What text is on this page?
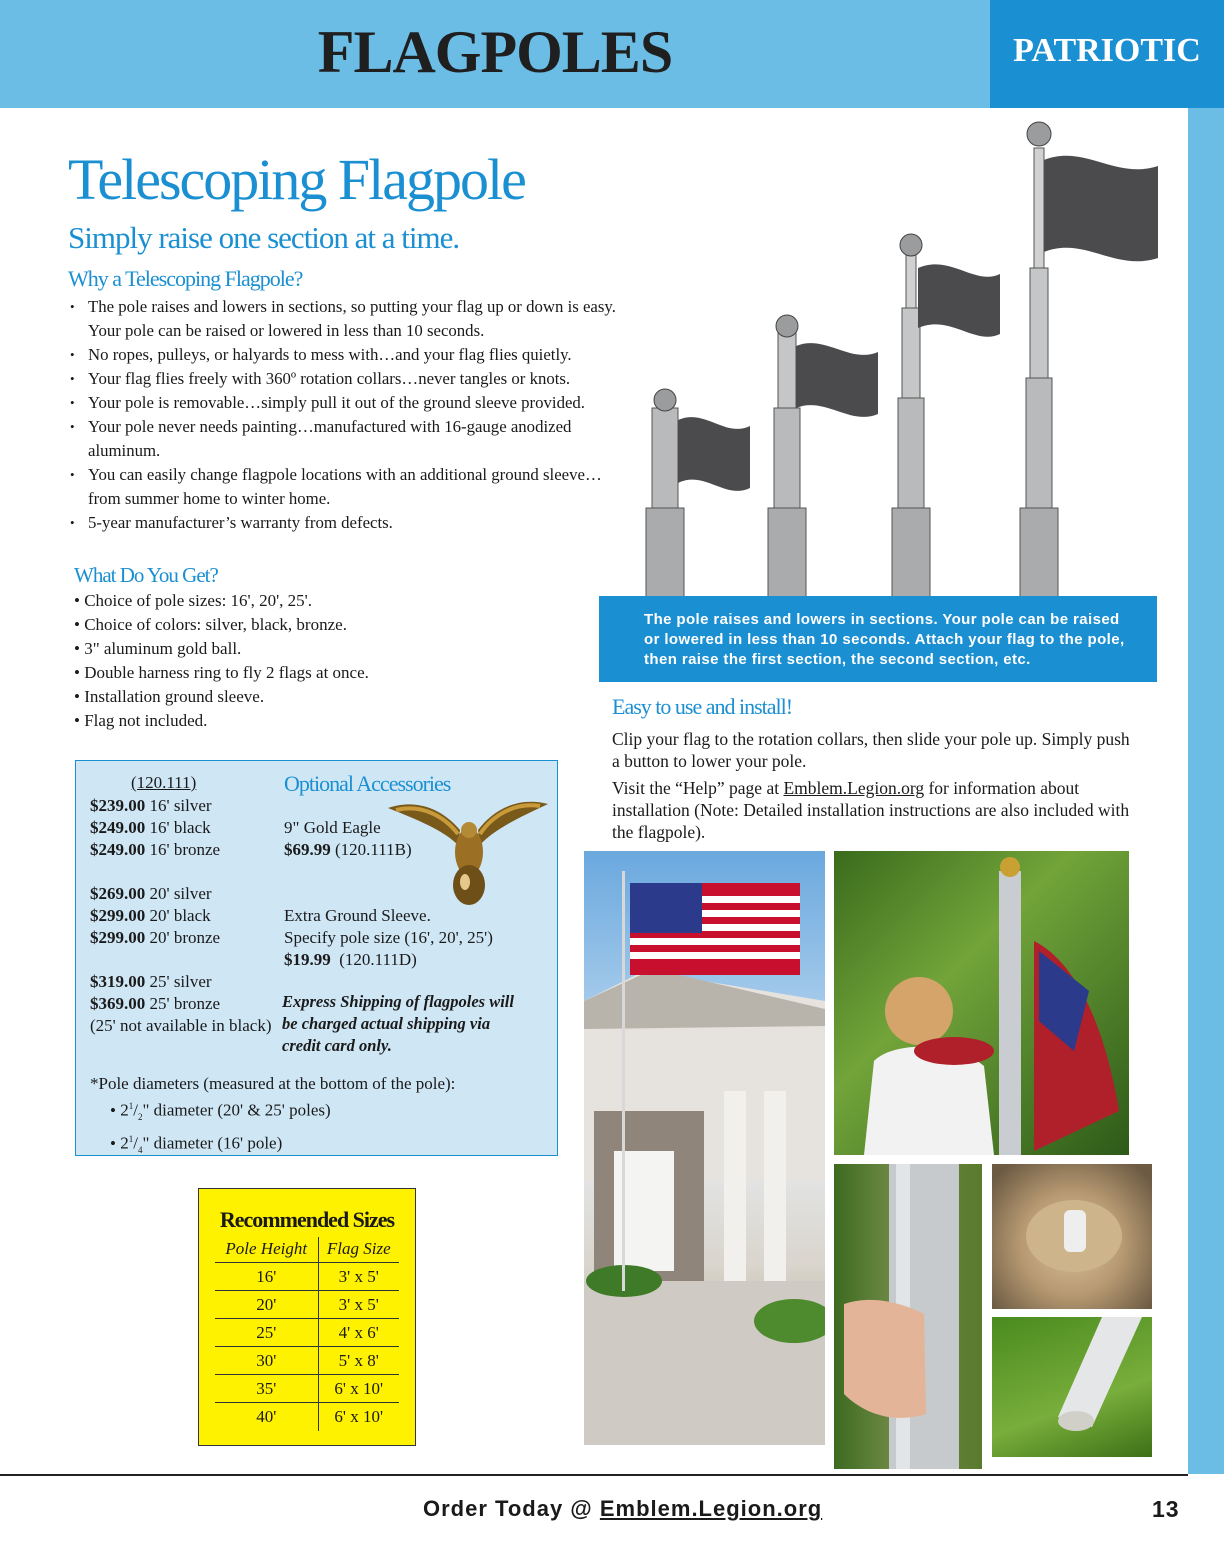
FLAGPOLES	PATRIOTIC
Telescoping Flagpole
Simply raise one section at a time.
Why a Telescoping Flagpole?
• The pole raises and lowers in sections, so putting your flag up or down is easy. Your pole can be raised or lowered in less than 10 seconds.
• No ropes, pulleys, or halyards to mess with…and your flag flies quietly.
• Your flag flies freely with 360º rotation collars…never tangles or knots.
• Your pole is removable…simply pull it out of the ground sleeve provided.
• Your pole never needs painting…manufactured with 16-gauge anodized aluminum.
• You can easily change flagpole locations with an additional ground sleeve…from summer home to winter home.
• 5-year manufacturer’s warranty from defects.
What Do You Get?
• Choice of pole sizes: 16', 20', 25'.
• Choice of colors: silver, black, bronze.
• 3" aluminum gold ball.
• Double harness ring to fly 2 flags at once.
• Installation ground sleeve.
• Flag not included.
(120.111)
$239.00 16' silver
$249.00 16' black
$249.00 16' bronze
$269.00 20' silver
$299.00 20' black
$299.00 20' bronze
$319.00 25' silver
$369.00 25' bronze
(25' not available in black)
Optional Accessories
9" Gold Eagle
$69.99 (120.111B)
Extra Ground Sleeve.
Specify pole size (16', 20', 25')
$19.99  (120.111D)
Express Shipping of flagpoles will be charged actual shipping via credit card only.
*Pole diameters (measured at the bottom of the pole):
• $2^1/_2$" diameter (20' & 25' poles)
• $2^1/_4$" diameter (16' pole)
Recommended Sizes
Pole Height	Flag Size
16'	3' x 5'
20'	3' x 5'
25'	4' x 6'
30'	5' x 8'
35'	6' x 10'
40'	6' x 10'
The pole raises and lowers in sections. Your pole can be raised or lowered in less than 10 seconds. Attach your flag to the pole, then raise the first section, the second section, etc.
Easy to use and install!
Clip your flag to the rotation collars, then slide your pole up. Simply push a button to lower your pole.
Visit the “Help” page at Emblem.Legion.org for information about installation (Note: Detailed installation instructions are also included with the flagpole).
Order Today @ Emblem.Legion.org	13
